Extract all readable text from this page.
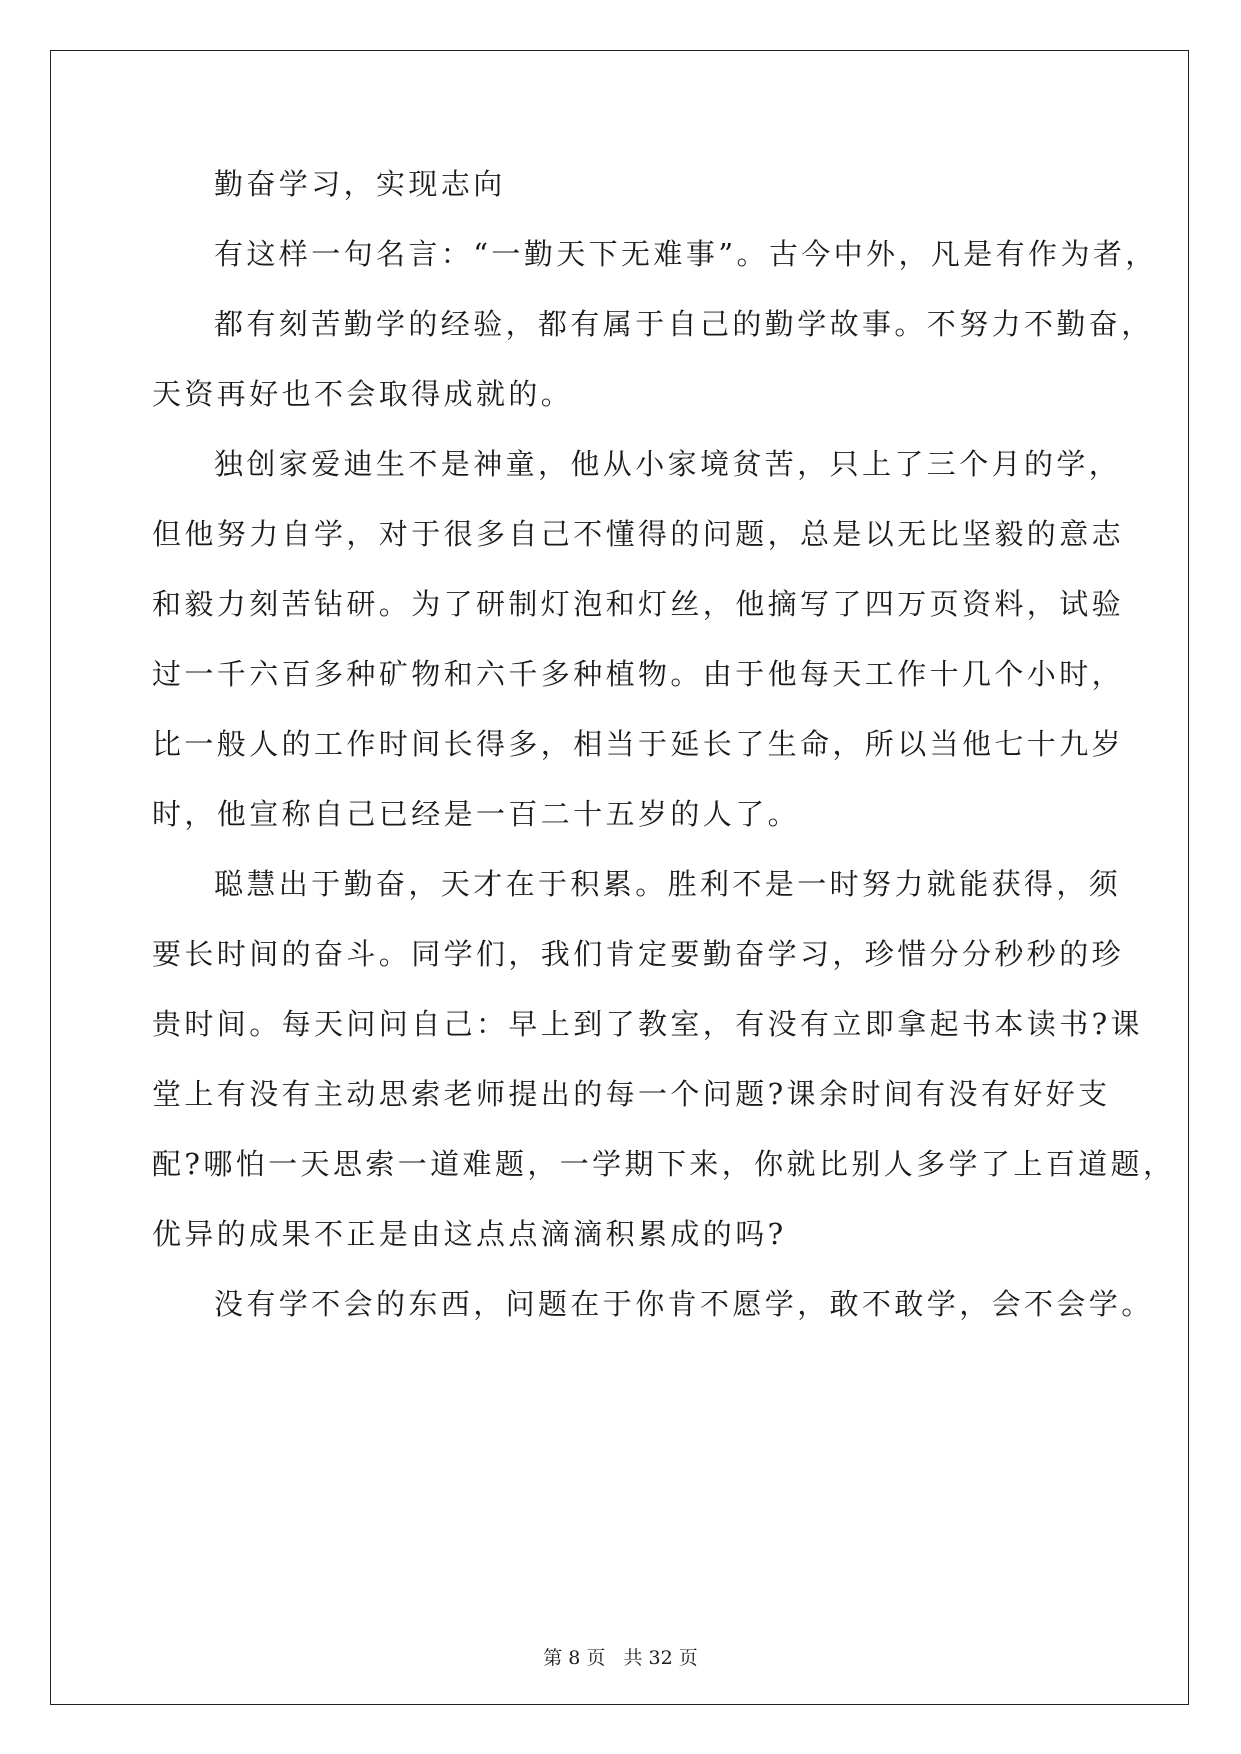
勤奋学习，实现志向
有这样一句名言：“一勤天下无难事”。古今中外，凡是有作为者，
都有刻苦勤学的经验，都有属于自己的勤学故事。不努力不勤奋，
天资再好也不会取得成就的。
独创家爱迪生不是神童，他从小家境贫苦，只上了三个月的学，
但他努力自学，对于很多自己不懂得的问题，总是以无比坚毅的意志
和毅力刻苦钻研。为了研制灯泡和灯丝，他摘写了四万页资料，试验
过一千六百多种矿物和六千多种植物。由于他每天工作十几个小时，
比一般人的工作时间长得多，相当于延长了生命，所以当他七十九岁
时，他宣称自己已经是一百二十五岁的人了。
聪慧出于勤奋，天才在于积累。胜利不是一时努力就能获得，须
要长时间的奋斗。同学们，我们肯定要勤奋学习，珍惜分分秒秒的珍
贵时间。每天问问自己：早上到了教室，有没有立即拿起书本读书?课
堂上有没有主动思索老师提出的每一个问题?课余时间有没有好好支
配?哪怕一天思索一道难题，一学期下来，你就比别人多学了上百道题，
优异的成果不正是由这点点滴滴积累成的吗?
没有学不会的东西，问题在于你肯不愿学，敢不敢学，会不会学。
第 8 页 共 32 页
